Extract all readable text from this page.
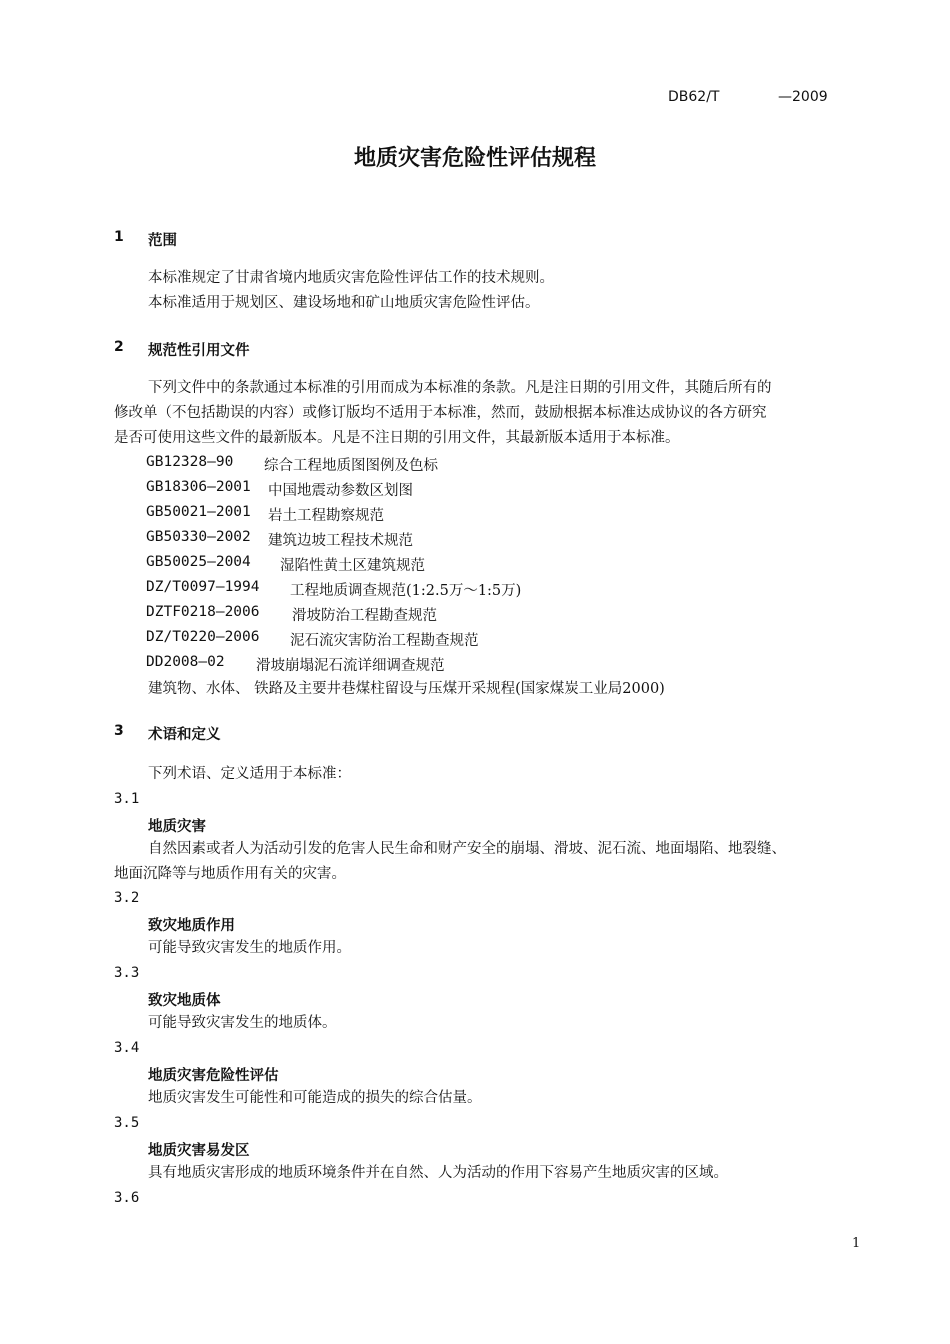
DB62/T	—2009
地质灾害危险性评估规程
1 范围
本标准规定了甘肃省境内地质灾害危险性评估工作的技术规则。
本标准适用于规划区、建设场地和矿山地质灾害危险性评估。
2 规范性引用文件
下列文件中的条款通过本标准的引用而成为本标准的条款。凡是注日期的引用文件，其随后所有的
修改单（不包括勘误的内容）或修订版均不适用于本标准，然而，鼓励根据本标准达成协议的各方研究
是否可使用这些文件的最新版本。凡是不注日期的引用文件，其最新版本适用于本标准。
GB12328—90 综合工程地质图图例及色标
GB18306—2001 中国地震动参数区划图
GB50021—2001 岩土工程勘察规范
GB50330—2002 建筑边坡工程技术规范
GB50025—2004 湿陷性黄土区建筑规范
DZ/T0097—1994 工程地质调查规范(1:2.5万～1:5万)
DZTF0218—2006 滑坡防治工程勘查规范
DZ/T0220—2006 泥石流灾害防治工程勘查规范
DD2008—02 滑坡崩塌泥石流详细调查规范
建筑物、水体、 铁路及主要井巷煤柱留设与压煤开采规程(国家煤炭工业局2000)
3 术语和定义
下列术语、定义适用于本标准：
3.1
地质灾害
自然因素或者人为活动引发的危害人民生命和财产安全的崩塌、滑坡、泥石流、地面塌陷、地裂缝、
地面沉降等与地质作用有关的灾害。
3.2
致灾地质作用
可能导致灾害发生的地质作用。
3.3
致灾地质体
可能导致灾害发生的地质体。
3.4
地质灾害危险性评估
地质灾害发生可能性和可能造成的损失的综合估量。
3.5
地质灾害易发区
具有地质灾害形成的地质环境条件并在自然、人为活动的作用下容易产生地质灾害的区域。
3.6
1
